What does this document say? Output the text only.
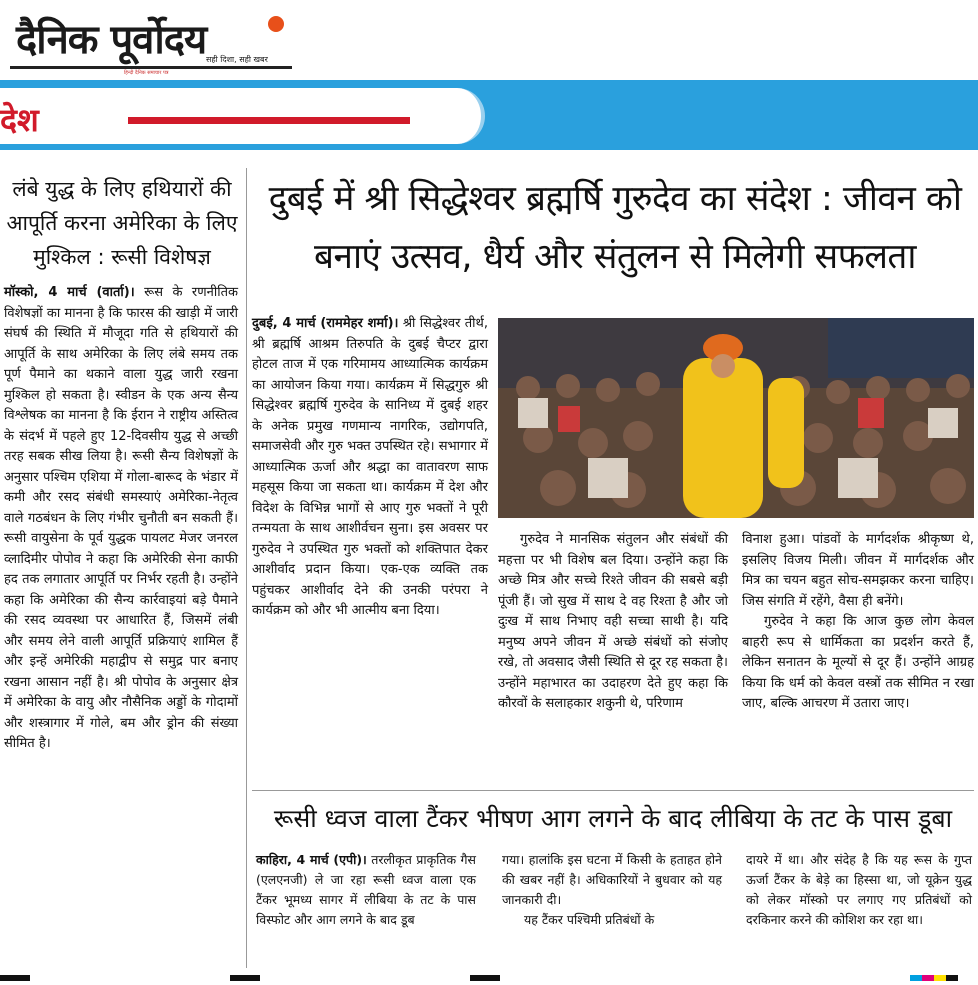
दैनिक पूर्वोदय सही दिशा, सही खबर
हिन्दी दैनिक समाचार पत्र
देश
लंबे युद्ध के लिए हथियारों की आपूर्ति करना अमेरिका के लिए मुश्किल : रूसी विशेषज्ञ
मॉस्को, 4 मार्च (वार्ता)। रूस के रणनीतिक विशेषज्ञों का मानना है कि फारस की खाड़ी में जारी संघर्ष की स्थिति में मौजूदा गति से हथियारों की आपूर्ति के साथ अमेरिका के लिए लंबे समय तक पूर्ण पैमाने का थकाने वाला युद्ध जारी रखना मुश्किल हो सकता है। स्वीडन के एक अन्य सैन्य विश्लेषक का मानना है कि ईरान ने राष्ट्रीय अस्तित्व के संदर्भ में पहले हुए 12-दिवसीय युद्ध से अच्छी तरह सबक सीख लिया है। रूसी सैन्य विशेषज्ञों के अनुसार पश्चिम एशिया में गोला-बारूद के भंडार में कमी और रसद संबंधी समस्याएं अमेरिका-नेतृत्व वाले गठबंधन के लिए गंभीर चुनौती बन सकती हैं। रूसी वायुसेना के पूर्व युद्धक पायलट मेजर जनरल व्लादिमीर पोपोव ने कहा कि अमेरिकी सेना काफी हद तक लगातार आपूर्ति पर निर्भर रहती है। उन्होंने कहा कि अमेरिका की सैन्य कार्रवाइयां बड़े पैमाने की रसद व्यवस्था पर आधारित हैं, जिसमें लंबी और समय लेने वाली आपूर्ति प्रक्रियाएं शामिल हैं और इन्हें अमेरिकी महाद्वीप से समुद्र पार बनाए रखना आसान नहीं है। श्री पोपोव के अनुसार क्षेत्र में अमेरिका के वायु और नौसैनिक अड्डों के गोदामों और शस्त्रागार में गोले, बम और ड्रोन की संख्या सीमित है।
दुबई में श्री सिद्धेश्वर ब्रह्मर्षि गुरुदेव का संदेश : जीवन को बनाएं उत्सव, धैर्य और संतुलन से मिलेगी सफलता
दुबई, 4 मार्च (राममेहर शर्मा)। श्री सिद्धेश्वर तीर्थ, श्री ब्रह्मर्षि आश्रम तिरुपति के दुबई चैप्टर द्वारा होटल ताज में एक गरिमामय आध्यात्मिक कार्यक्रम का आयोजन किया गया। कार्यक्रम में सिद्धगुरु श्री सिद्धेश्वर ब्रह्मर्षि गुरुदेव के सानिध्य में दुबई शहर के अनेक प्रमुख गणमान्य नागरिक, उद्योगपति, समाजसेवी और गुरु भक्त उपस्थित रहे। सभागार में आध्यात्मिक ऊर्जा और श्रद्धा का वातावरण साफ महसूस किया जा सकता था। कार्यक्रम में देश और विदेश के विभिन्न भागों से आए गुरु भक्तों ने पूरी तन्मयता के साथ आशीर्वचन सुना। इस अवसर पर गुरुदेव ने उपस्थित गुरु भक्तों को शक्तिपात देकर आशीर्वाद प्रदान किया। एक-एक व्यक्ति तक पहुंचकर आशीर्वाद देने की उनकी परंपरा ने कार्यक्रम को और भी आत्मीय बना दिया।
गुरुदेव ने मानसिक संतुलन और संबंधों की महत्ता पर भी विशेष बल दिया। उन्होंने कहा कि अच्छे मित्र और सच्चे रिश्ते जीवन की सबसे बड़ी पूंजी हैं। जो सुख में साथ दे वह रिश्ता है और जो दुःख में साथ निभाए वही सच्चा साथी है। यदि मनुष्य अपने जीवन में अच्छे संबंधों को संजोए रखे, तो अवसाद जैसी स्थिति से दूर रह सकता है। उन्होंने महाभारत का उदाहरण देते हुए कहा कि कौरवों के सलाहकार शकुनी थे, परिणाम
विनाश हुआ। पांडवों के मार्गदर्शक श्रीकृष्ण थे, इसलिए विजय मिली। जीवन में मार्गदर्शक और मित्र का चयन बहुत सोच-समझकर करना चाहिए। जिस संगति में रहेंगे, वैसा ही बनेंगे।
गुरुदेव ने कहा कि आज कुछ लोग केवल बाहरी रूप से धार्मिकता का प्रदर्शन करते हैं, लेकिन सनातन के मूल्यों से दूर हैं। उन्होंने आग्रह किया कि धर्म को केवल वस्त्रों तक सीमित न रखा जाए, बल्कि आचरण में उतारा जाए।
रूसी ध्वज वाला टैंकर भीषण आग लगने के बाद लीबिया के तट के पास डूबा
काहिरा, 4 मार्च (एपी)। तरलीकृत प्राकृतिक गैस (एलएनजी) ले जा रहा रूसी ध्वज वाला एक टैंकर भूमध्य सागर में लीबिया के तट के पास विस्फोट और आग लगने के बाद डूब
गया। हालांकि इस घटना में किसी के हताहत होने की खबर नहीं है। अधिकारियों ने बुधवार को यह जानकारी दी।
यह टैंकर पश्चिमी प्रतिबंधों के
दायरे में था। और संदेह है कि यह रूस के गुप्त ऊर्जा टैंकर के बेड़े का हिस्सा था, जो यूक्रेन युद्ध को लेकर मॉस्को पर लगाए गए प्रतिबंधों को दरकिनार करने की कोशिश कर रहा था।
